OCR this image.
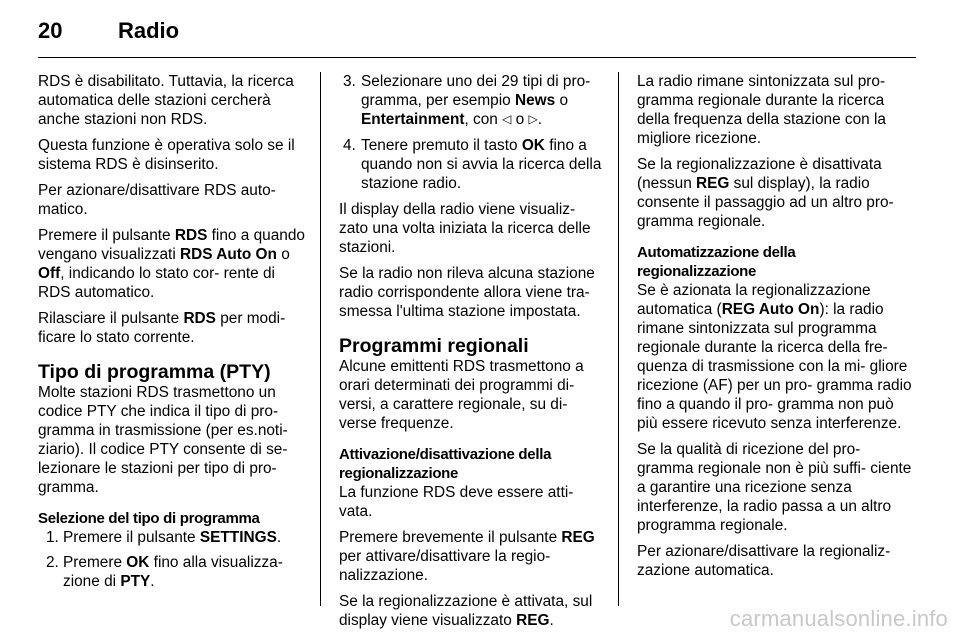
20	Radio

RDS è disabilitato. Tuttavia, la ricerca automatica delle stazioni cercherà anche stazioni non RDS.

Questa funzione è operativa solo se il sistema RDS è disinserito.

Per azionare/disattivare RDS auto- matico.

Premere il pulsante RDS fino a quando vengano visualizzati RDS Auto On o Off, indicando lo stato cor- rente di RDS automatico.

Rilasciare il pulsante RDS per modi- ficare lo stato corrente.

Tipo di programma (PTY)

Molte stazioni RDS trasmettono un codice PTY che indica il tipo di pro- gramma in trasmissione (per es.noti- ziario). Il codice PTY consente di se- lezionare le stazioni per tipo di pro- gramma.

Selezione del tipo di programma
1. Premere il pulsante SETTINGS.
2. Premere OK fino alla visualizza- zione di PTY.
3. Selezionare uno dei 29 tipi di pro- gramma, per esempio News o Entertainment, con ◁ o ▷.
4. Tenere premuto il tasto OK fino a quando non si avvia la ricerca della stazione radio.

Il display della radio viene visualiz- zato una volta iniziata la ricerca delle stazioni.

Se la radio non rileva alcuna stazione radio corrispondente allora viene tra- smessa l'ultima stazione impostata.

Programmi regionali

Alcune emittenti RDS trasmettono a orari determinati dei programmi di- versi, a carattere regionale, su di- verse frequenze.

Attivazione/disattivazione della regionalizzazione

La funzione RDS deve essere atti- vata.

Premere brevemente il pulsante REG per attivare/disattivare la regio- nalizzazione.

Se la regionalizzazione è attivata, sul display viene visualizzato REG.

La radio rimane sintonizzata sul pro- gramma regionale durante la ricerca della frequenza della stazione con la migliore ricezione.

Se la regionalizzazione è disattivata (nessun REG sul display), la radio consente il passaggio ad un altro pro- gramma regionale.

Automatizzazione della regionalizzazione

Se è azionata la regionalizzazione automatica (REG Auto On): la radio rimane sintonizzata sul programma regionale durante la ricerca della fre- quenza di trasmissione con la mi- gliore ricezione (AF) per un pro- gramma radio fino a quando il pro- gramma non può più essere ricevuto senza interferenze.

Se la qualità di ricezione del pro- gramma regionale non è più suffi- ciente a garantire una ricezione senza interferenze, la radio passa a un altro programma regionale.

Per azionare/disattivare la regionaliz- zazione automatica.

carmanualsonline.info
